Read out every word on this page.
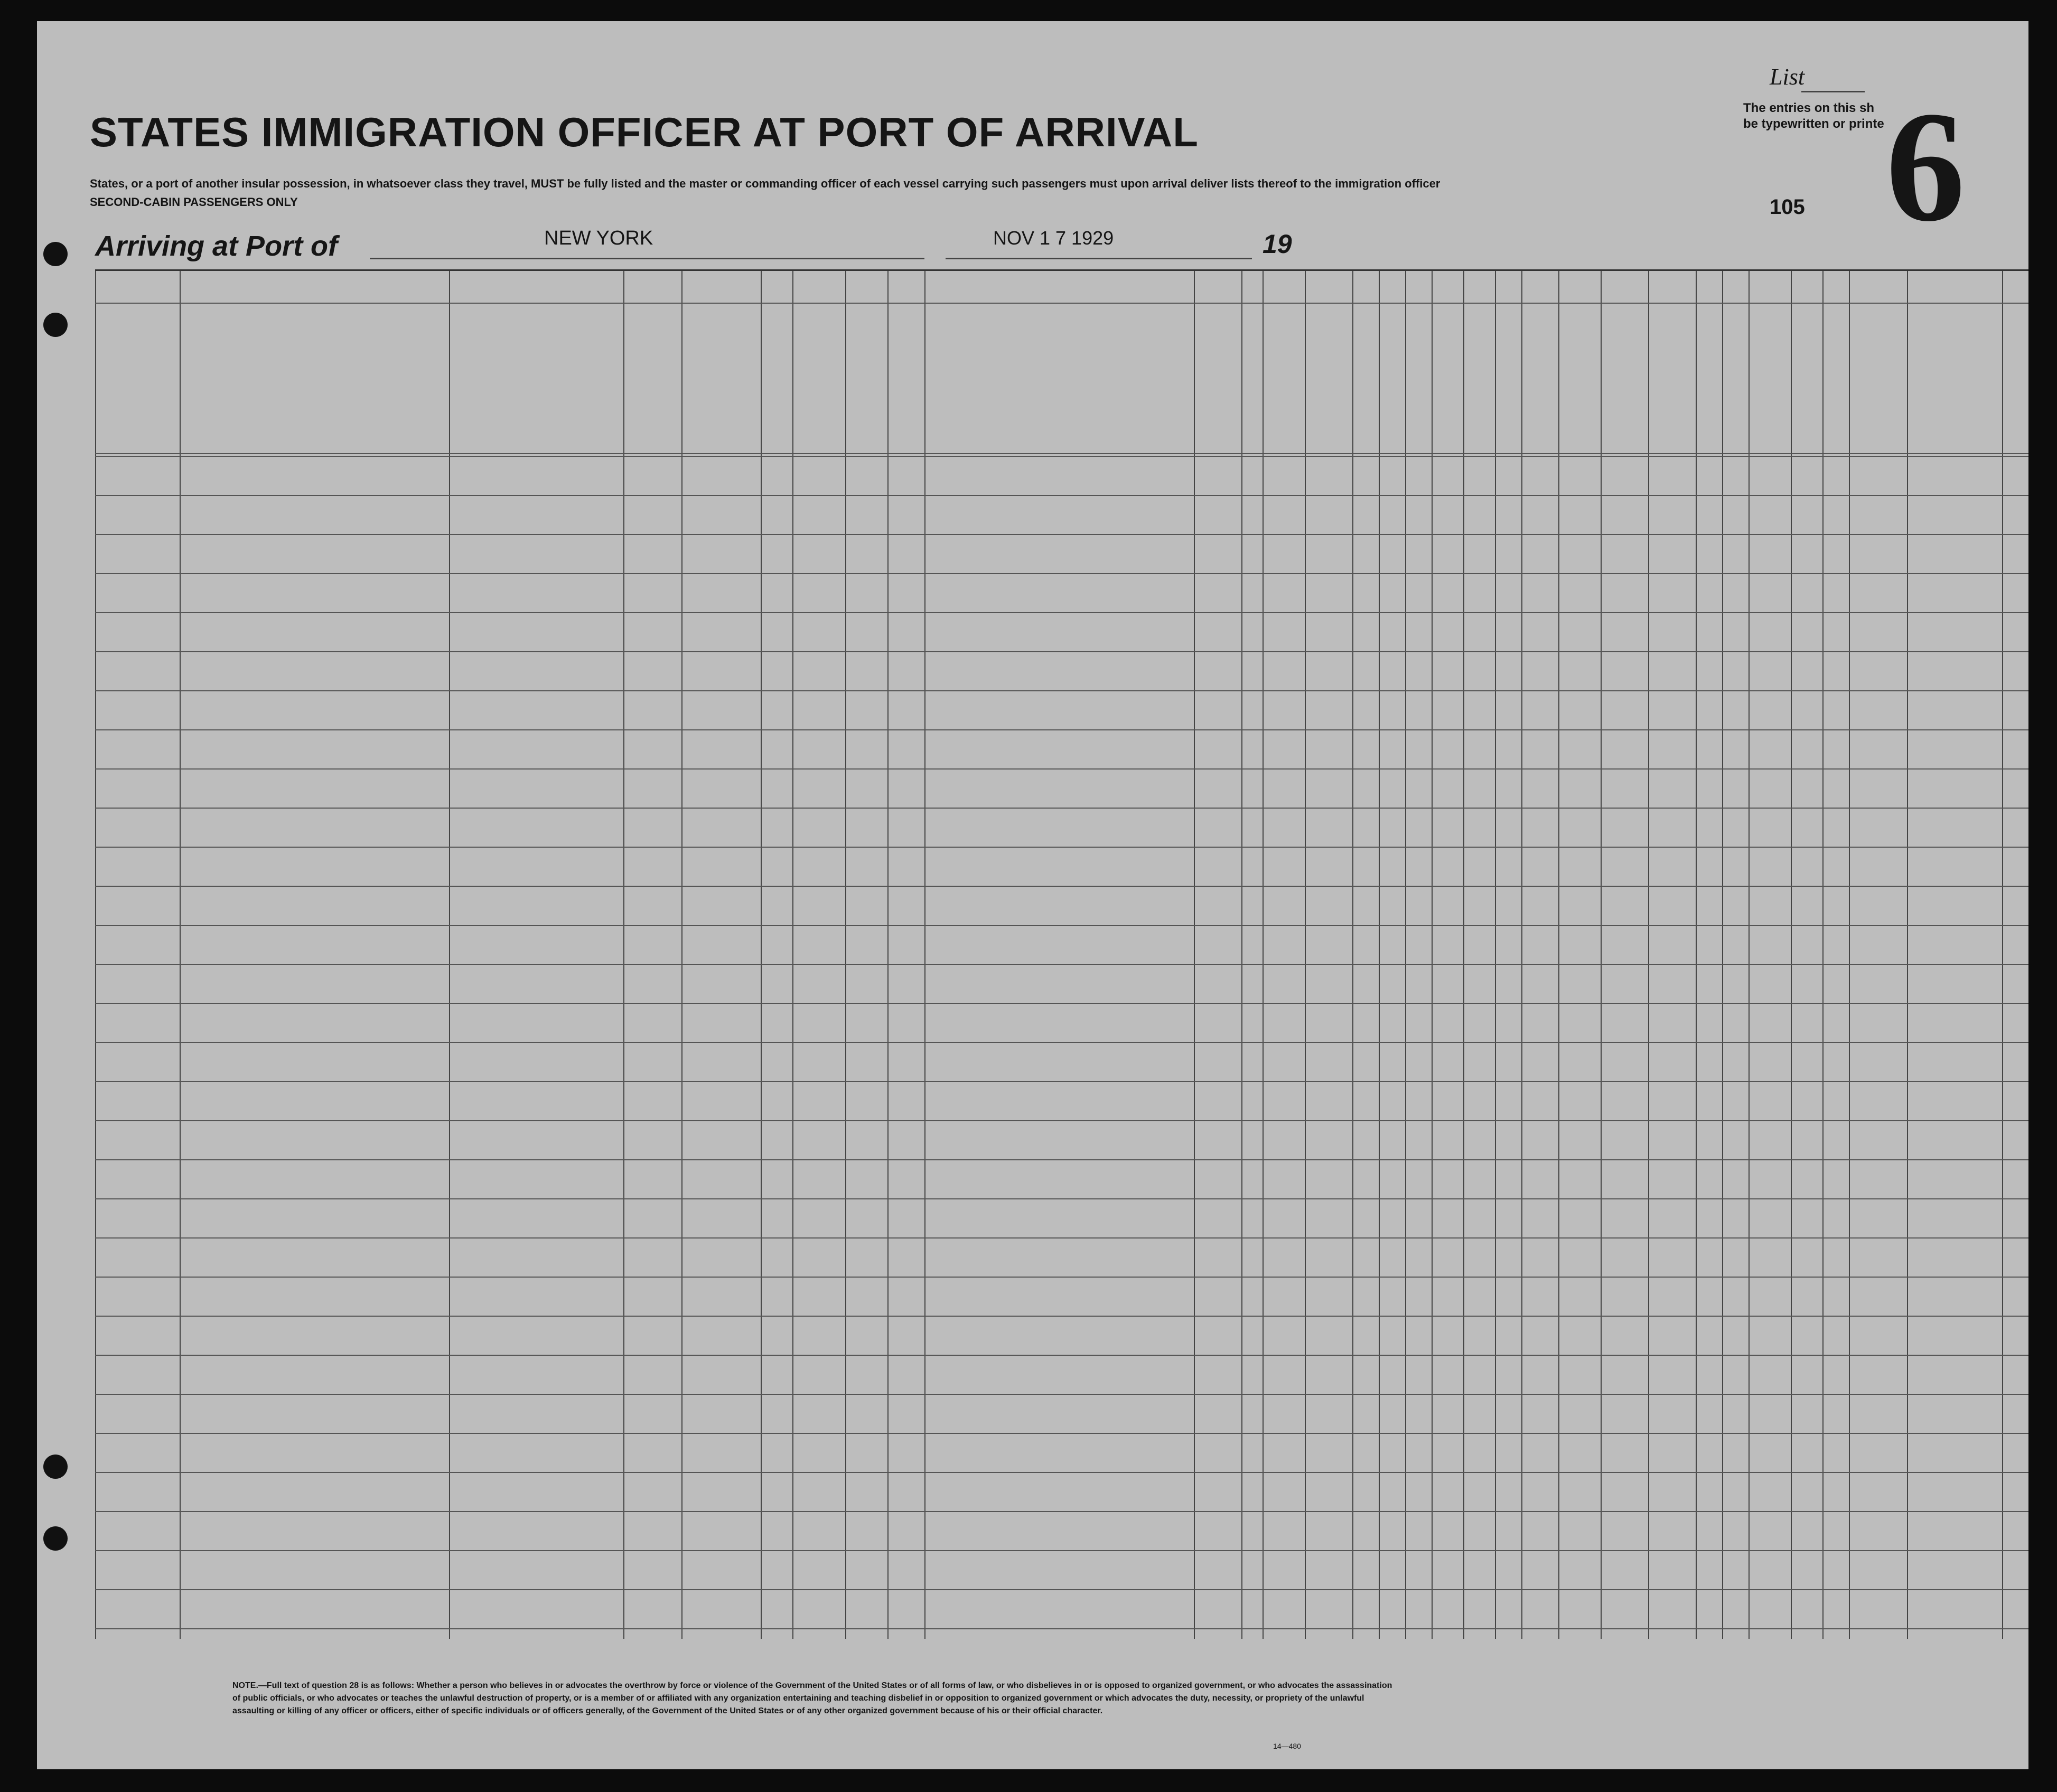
List
The entries on this sh
be typewritten or printe 6
STATES IMMIGRATION OFFICER AT PORT OF ARRIVAL
States, or a port of another insular possession, in whatsoever class they travel, MUST be fully listed and the master or commanding officer of each vessel carrying such passengers must upon arrival deliver lists thereof to the immigration officer
SECOND-CABIN PASSENGERS ONLY
Arriving at Port of	NEW YORK	NOV 1 7 1929	19
105
NOTE.—Full text of question 28 is as follows: Whether a person who believes in or advocates the overthrow by force or violence of the Government of the United States or of all forms of law, or who disbelieves in or is opposed to organized government, or who advocates the assassination of public officials, or who advocates or teaches the unlawful destruction of property, or is a member of or affiliated with any organization entertaining and teaching disbelief in or opposition to organized government or which advocates the duty, necessity, or propriety of the unlawful assaulting or killing of any officer or officers, either of specific individuals or of officers generally, of the Government of the United States or of any other organized government because of his or their official character.
14—480
